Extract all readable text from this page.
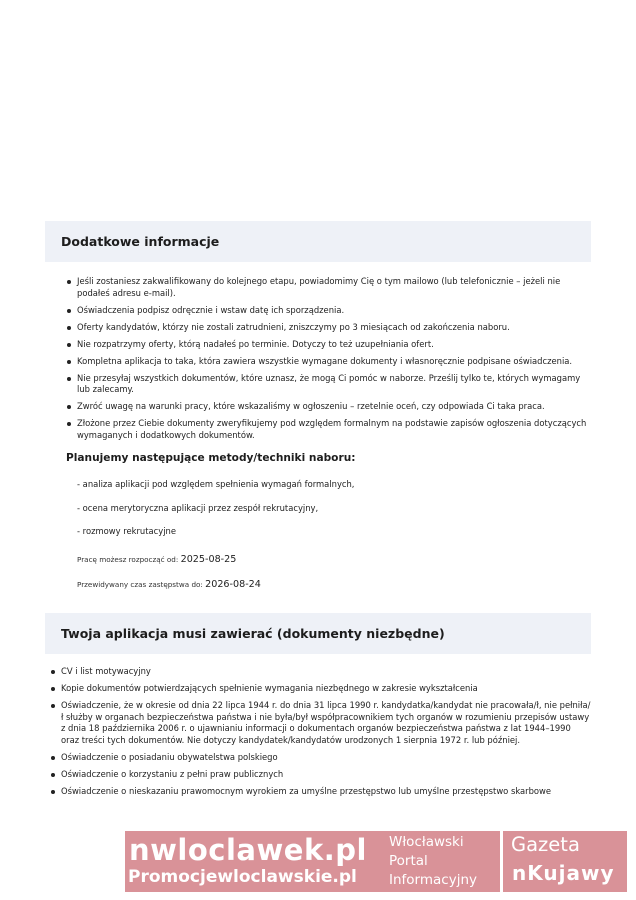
Dodatkowe informacje
Jeśli zostaniesz zakwalifikowany do kolejnego etapu, powiadomimy Cię o tym mailowo (lub telefonicznie – jeżeli nie podałeś adresu e-mail).
Oświadczenia podpisz odręcznie i wstaw datę ich sporządzenia.
Oferty kandydatów, którzy nie zostali zatrudnieni, zniszczymy po 3 miesiącach od zakończenia naboru.
Nie rozpatrzymy oferty, którą nadałeś po terminie. Dotyczy to też uzupełniania ofert.
Kompletna aplikacja to taka, która zawiera wszystkie wymagane dokumenty i własnoręcznie podpisane oświadczenia.
Nie przesyłaj wszystkich dokumentów, które uznasz, że mogą Ci pomóc w naborze. Prześlij tylko te, których wymagamy lub zalecamy.
Zwróć uwagę na warunki pracy, które wskazaliśmy w ogłoszeniu – rzetelnie oceń, czy odpowiada Ci taka praca.
Złożone przez Ciebie dokumenty zweryfikujemy pod względem formalnym na podstawie zapisów ogłoszenia dotyczących wymaganych i dodatkowych dokumentów.
Planujemy następujące metody/techniki naboru:
- analiza aplikacji pod względem spełnienia wymagań formalnych,
- ocena merytoryczna aplikacji przez zespół rekrutacyjny,
- rozmowy rekrutacyjne
Pracę możesz rozpocząć od: 2025-08-25
Przewidywany czas zastępstwa do: 2026-08-24
Twoja aplikacja musi zawierać (dokumenty niezbędne)
CV i list motywacyjny
Kopie dokumentów potwierdzających spełnienie wymagania niezbędnego w zakresie wykształcenia
Oświadczenie, że w okresie od dnia 22 lipca 1944 r. do dnia 31 lipca 1990 r. kandydatka/kandydat nie pracowała/ł, nie pełniła/ł służby w organach bezpieczeństwa państwa i nie była/był współpracownikiem tych organów w rozumieniu przepisów ustawy z dnia 18 października 2006 r. o ujawnianiu informacji o dokumentach organów bezpieczeństwa państwa z lat 1944–1990 oraz treści tych dokumentów. Nie dotyczy kandydatek/kandydatów urodzonych 1 sierpnia 1972 r. lub później.
Oświadczenie o posiadaniu obywatelstwa polskiego
Oświadczenie o korzystaniu z pełni praw publicznych
Oświadczenie o nieskazaniu prawomocnym wyrokiem za umyślne przestępstwo lub umyślne przestępstwo skarbowe
nwloclawek.pl
Promocjewloclawskie.pl
Włocławski
Portal
Informacyjny
Gazeta
nKujawy
